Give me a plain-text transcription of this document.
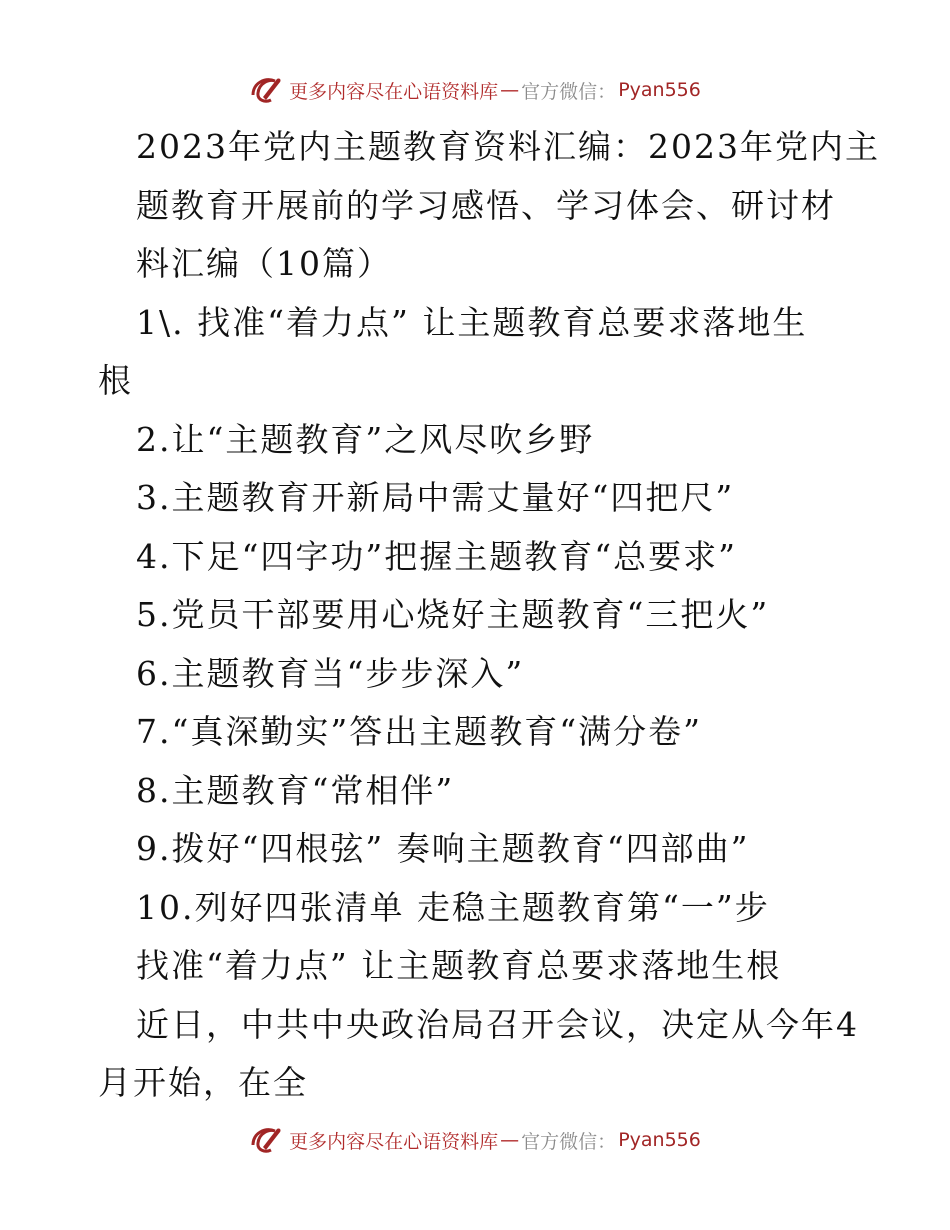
更多内容尽在心语资料库 — 官方微信： Pyan556
2023年党内主题教育资料汇编：2023年党内主
题教育开展前的学习感悟、学习体会、研讨材
料汇编（10篇）
1\. 找准“着力点” 让主题教育总要求落地生
根
2.让“主题教育”之风尽吹乡野
3.主题教育开新局中需丈量好“四把尺”
4.下足“四字功”把握主题教育“总要求”
5.党员干部要用心烧好主题教育“三把火”
6.主题教育当“步步深入”
7.“真深勤实”答出主题教育“满分卷”
8.主题教育“常相伴”
9.拨好“四根弦” 奏响主题教育“四部曲”
10.列好四张清单 走稳主题教育第“一”步
找准“着力点” 让主题教育总要求落地生根
近日，中共中央政治局召开会议，决定从今年4
月开始，在全
更多内容尽在心语资料库 — 官方微信： Pyan556
